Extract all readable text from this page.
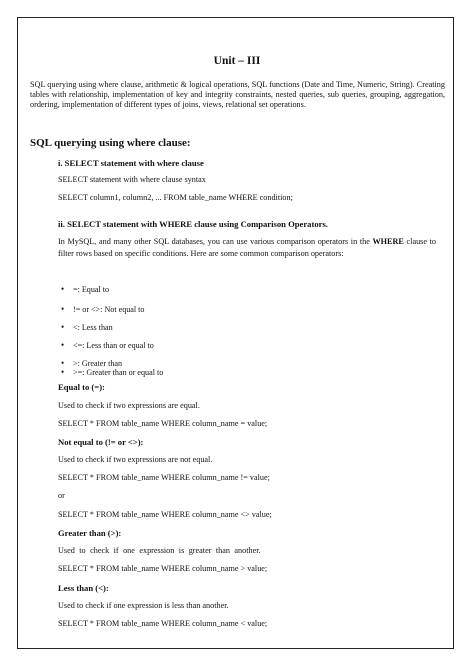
Unit – III

SQL querying using where clause, arithmetic & logical operations, SQL functions (Date and Time, Numeric, String). Creating tables with relationship, implementation of key and integrity constraints, nested queries, sub queries, grouping, aggregation, ordering, implementation of different types of joins, views, relational set operations.

SQL querying using where clause:
i. SELECT statement with where clause
SELECT statement with where clause syntax
SELECT column1, column2, ... FROM table_name WHERE condition;
ii. SELECT statement with WHERE clause using Comparison Operators.

In MySQL, and many other SQL databases, you can use various comparison operators in the WHERE clause to filter rows based on specific conditions. Here are some common comparison operators:

• =: Equal to
• != or <>: Not equal to
• <: Less than
• <=: Less than or equal to
• >: Greater than
• >=: Greater than or equal to
Equal to (=):
Used to check if two expressions are equal.
SELECT * FROM table_name WHERE column_name = value;
Not equal to (!= or <>):
Used to check if two expressions are not equal.
SELECT * FROM table_name WHERE column_name != value;
or
SELECT * FROM table_name WHERE column_name <> value;
Greater than (>):
Used to check if one expression is greater than another.
SELECT * FROM table_name WHERE column_name > value;
Less than (<):
Used to check if one expression is less than another.
SELECT * FROM table_name WHERE column_name < value;
